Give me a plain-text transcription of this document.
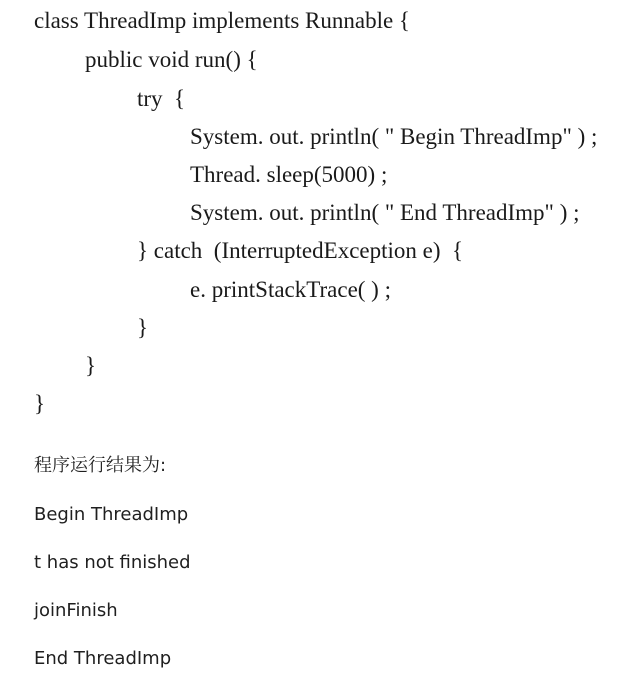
class ThreadImp implements Runnable {
public void run() {
try  {
System. out. println( " Begin ThreadImp" ) ;
Thread. sleep(5000) ;
System. out. println( " End ThreadImp" ) ;
} catch  (InterruptedException e)  {
e. printStackTrace( ) ;
}
}
}
程序运行结果为:
Begin ThreadImp
t has not finished
joinFinish
End ThreadImp
